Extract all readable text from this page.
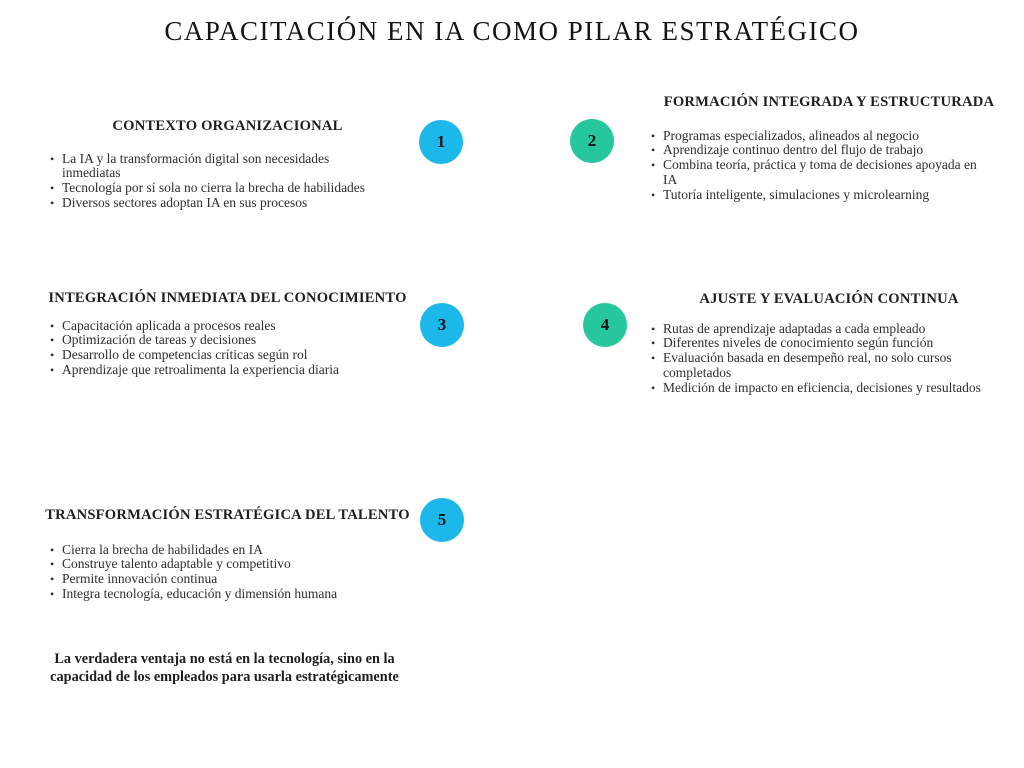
CAPACITACIÓN EN IA COMO PILAR ESTRATÉGICO
CONTEXTO ORGANIZACIONAL
• La IA y la transformación digital son necesidades inmediatas
• Tecnología por sí sola no cierra la brecha de habilidades
• Diversos sectores adoptan IA en sus procesos
FORMACIÓN INTEGRADA Y ESTRUCTURADA
• Programas especializados, alineados al negocio
• Aprendizaje continuo dentro del flujo de trabajo
• Combina teoría, práctica y toma de decisiones apoyada en IA
• Tutoría inteligente, simulaciones y microlearning
INTEGRACIÓN INMEDIATA DEL CONOCIMIENTO
• Capacitación aplicada a procesos reales
• Optimización de tareas y decisiones
• Desarrollo de competencias críticas según rol
• Aprendizaje que retroalimenta la experiencia diaria
AJUSTE Y EVALUACIÓN CONTINUA
• Rutas de aprendizaje adaptadas a cada empleado
• Diferentes niveles de conocimiento según función
• Evaluación basada en desempeño real, no solo cursos completados
• Medición de impacto en eficiencia, decisiones y resultados
TRANSFORMACIÓN ESTRATÉGICA DEL TALENTO
• Cierra la brecha de habilidades en IA
• Construye talento adaptable y competitivo
• Permite innovación continua
• Integra tecnología, educación y dimensión humana
1	2
3	4
5

La verdadera ventaja no está en la tecnología, sino en la capacidad de los empleados para usarla estratégicamente
